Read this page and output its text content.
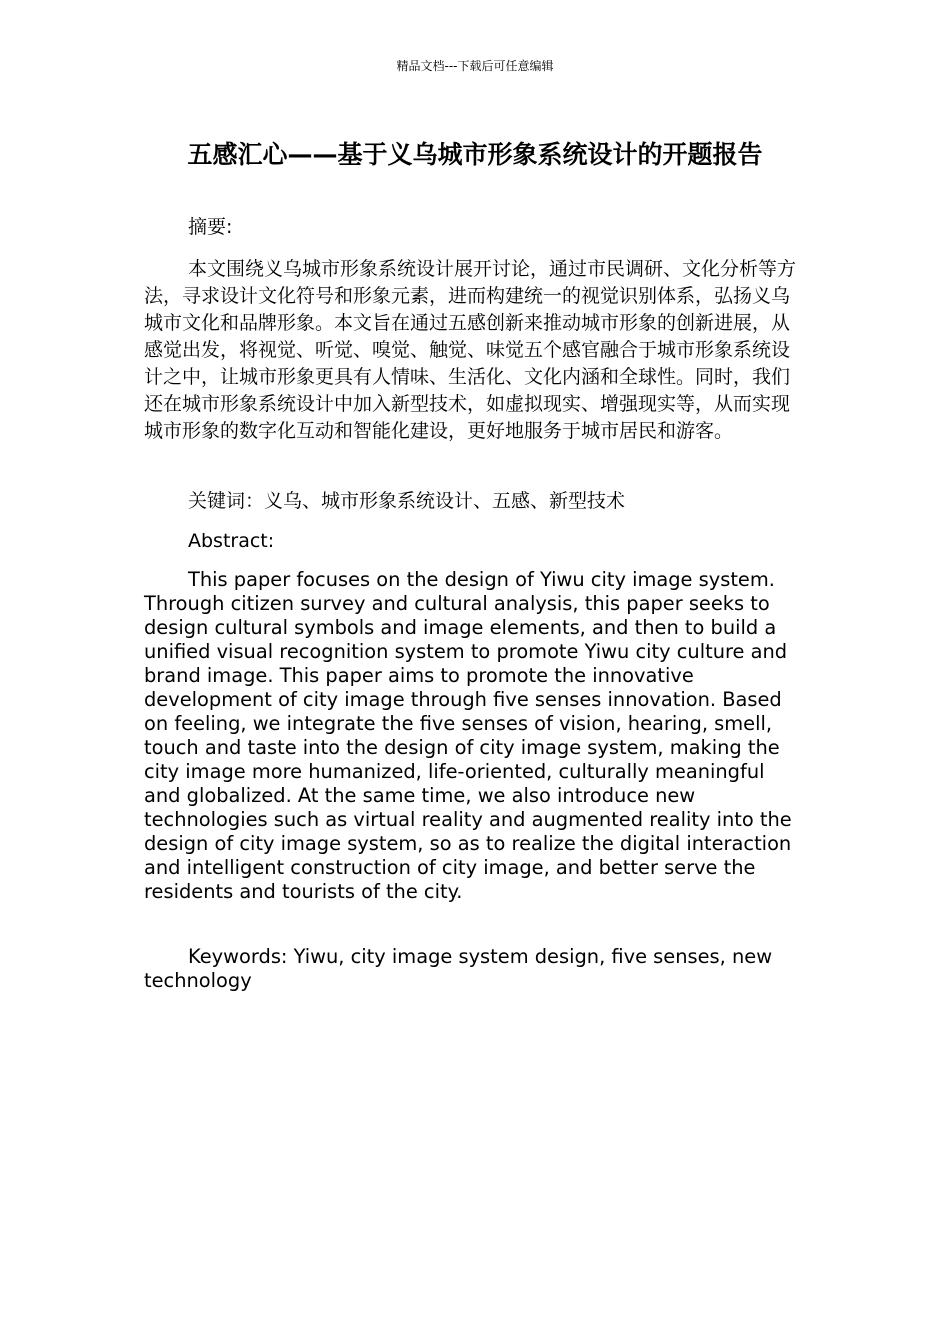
精品文档---下载后可任意编辑
五感汇心——基于义乌城市形象系统设计的开题报告

摘要:

本文围绕义乌城市形象系统设计展开讨论，通过市民调研、文化分析等方法，寻求设计文化符号和形象元素，进而构建统一的视觉识别体系，弘扬义乌城市文化和品牌形象。本文旨在通过五感创新来推动城市形象的创新进展，从感觉出发，将视觉、听觉、嗅觉、触觉、味觉五个感官融合于城市形象系统设计之中，让城市形象更具有人情味、生活化、文化内涵和全球性。同时，我们还在城市形象系统设计中加入新型技术，如虚拟现实、增强现实等，从而实现城市形象的数字化互动和智能化建设，更好地服务于城市居民和游客。

关键词：义乌、城市形象系统设计、五感、新型技术

Abstract:

This paper focuses on the design of Yiwu city image system. Through citizen survey and cultural analysis, this paper seeks to design cultural symbols and image elements, and then to build a unified visual recognition system to promote Yiwu city culture and brand image. This paper aims to promote the innovative development of city image through five senses innovation. Based on feeling, we integrate the five senses of vision, hearing, smell, touch and taste into the design of city image system, making the city image more humanized, life-oriented, culturally meaningful and globalized. At the same time, we also introduce new technologies such as virtual reality and augmented reality into the design of city image system, so as to realize the digital interaction and intelligent construction of city image, and better serve the residents and tourists of the city.

Keywords: Yiwu, city image system design, five senses, new technology
